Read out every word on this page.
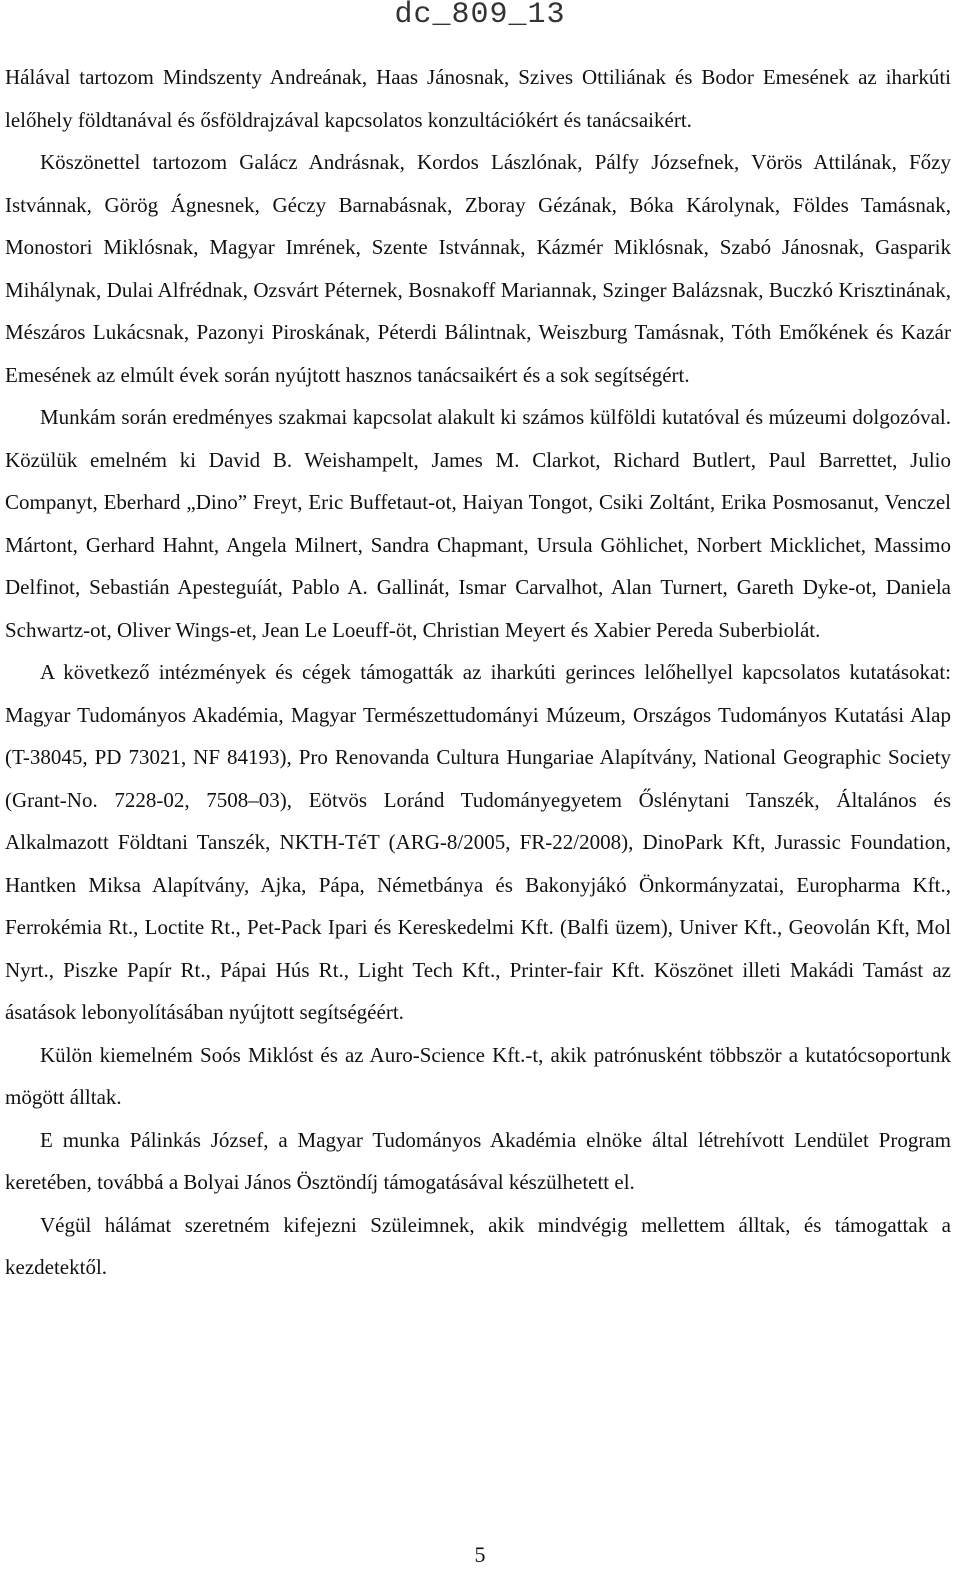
dc_809_13

Hálával tartozom Mindszenty Andreának, Haas Jánosnak, Szives Ottiliának és Bodor Emesének az iharkúti lelőhely földtanával és ősföldrajzával kapcsolatos konzultációkért és tanácsaikért.

Köszönettel tartozom Galácz Andrásnak, Kordos Lászlónak, Pálfy Józsefnek, Vörös Attilának, Főzy Istvánnak, Görög Ágnesnek, Géczy Barnabásnak, Zboray Gézának, Bóka Károlynak, Földes Tamásnak, Monostori Miklósnak, Magyar Imrének, Szente Istvánnak, Kázmér Miklósnak, Szabó Jánosnak, Gasparik Mihálynak, Dulai Alfrédnak, Ozsvárt Péternek, Bosnakoff Mariannak, Szinger Balázsnak, Buczkó Krisztinának, Mészáros Lukácsnak, Pazonyi Piroskának, Péterdi Bálintnak, Weiszburg Tamásnak, Tóth Emőkének és Kazár Emesének az elmúlt évek során nyújtott hasznos tanácsaikért és a sok segítségért.

Munkám során eredményes szakmai kapcsolat alakult ki számos külföldi kutatóval és múzeumi dolgozóval. Közülük emelném ki David B. Weishampelt, James M. Clarkot, Richard Butlert, Paul Barrettet, Julio Companyt, Eberhard „Dino” Freyt, Eric Buffetaut-ot, Haiyan Tongot, Csiki Zoltánt, Erika Posmosanut, Venczel Mártont, Gerhard Hahnt, Angela Milnert, Sandra Chapmant, Ursula Göhlichet, Norbert Micklichet, Massimo Delfinot, Sebastián Apesteguíát, Pablo A. Gallinát, Ismar Carvalhot, Alan Turnert, Gareth Dyke-ot, Daniela Schwartz-ot, Oliver Wings-et, Jean Le Loeuff-öt, Christian Meyert és Xabier Pereda Suberbiolát.

A következő intézmények és cégek támogatták az iharkúti gerinces lelőhellyel kapcsolatos kutatásokat: Magyar Tudományos Akadémia, Magyar Természettudományi Múzeum, Országos Tudományos Kutatási Alap (T-38045, PD 73021, NF 84193), Pro Renovanda Cultura Hungariae Alapítvány, National Geographic Society (Grant-No. 7228-02, 7508–03), Eötvös Loránd Tudományegyetem Őslénytani Tanszék, Általános és Alkalmazott Földtani Tanszék, NKTH-TéT (ARG-8/2005, FR-22/2008), DinoPark Kft, Jurassic Foundation, Hantken Miksa Alapítvány, Ajka, Pápa, Németbánya és Bakonyjákó Önkormányzatai, Europharma Kft., Ferrokémia Rt., Loctite Rt., Pet-Pack Ipari és Kereskedelmi Kft. (Balfi üzem), Univer Kft., Geovolán Kft, Mol Nyrt., Piszke Papír Rt., Pápai Hús Rt., Light Tech Kft., Printer-fair Kft. Köszönet illeti Makádi Tamást az ásatások lebonyolításában nyújtott segítségéért.

Külön kiemelném Soós Miklóst és az Auro-Science Kft.-t, akik patrónusként többször a kutatócsoportunk mögött álltak.

E munka Pálinkás József, a Magyar Tudományos Akadémia elnöke által létrehívott Lendület Program keretében, továbbá a Bolyai János Ösztöndíj támogatásával készülhetett el.

Végül hálámat szeretném kifejezni Szüleimnek, akik mindvégig mellettem álltak, és támogattak a kezdetektől.

5
